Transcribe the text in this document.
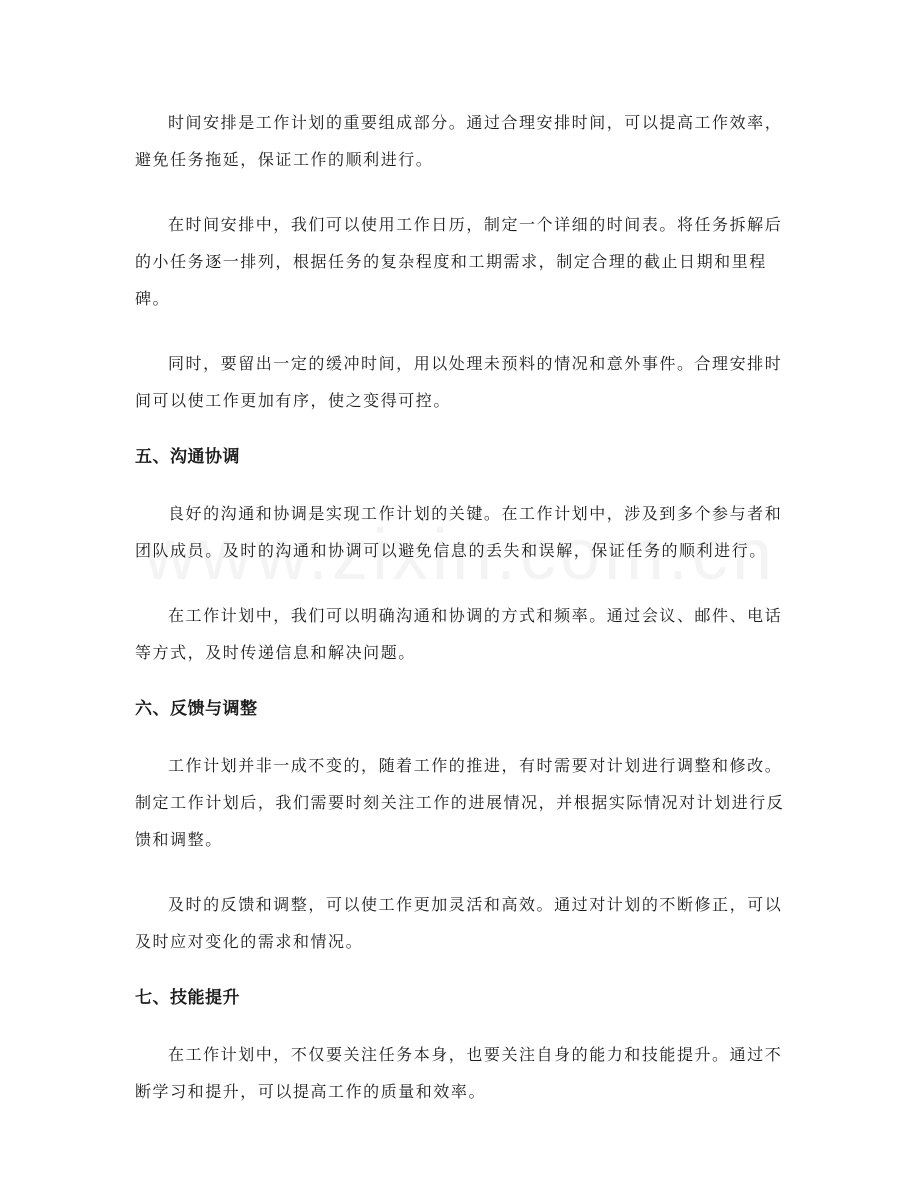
时间安排是工作计划的重要组成部分。通过合理安排时间，可以提高工作效率，避免任务拖延，保证工作的顺利进行。

在时间安排中，我们可以使用工作日历，制定一个详细的时间表。将任务拆解后的小任务逐一排列，根据任务的复杂程度和工期需求，制定合理的截止日期和里程碑。

同时，要留出一定的缓冲时间，用以处理未预料的情况和意外事件。合理安排时间可以使工作更加有序，使之变得可控。

五、沟通协调

良好的沟通和协调是实现工作计划的关键。在工作计划中，涉及到多个参与者和团队成员。及时的沟通和协调可以避免信息的丢失和误解，保证任务的顺利进行。

在工作计划中，我们可以明确沟通和协调的方式和频率。通过会议、邮件、电话等方式，及时传递信息和解决问题。

六、反馈与调整

工作计划并非一成不变的，随着工作的推进，有时需要对计划进行调整和修改。制定工作计划后，我们需要时刻关注工作的进展情况，并根据实际情况对计划进行反馈和调整。

及时的反馈和调整，可以使工作更加灵活和高效。通过对计划的不断修正，可以及时应对变化的需求和情况。

七、技能提升

在工作计划中，不仅要关注任务本身，也要关注自身的能力和技能提升。通过不断学习和提升，可以提高工作的质量和效率。
